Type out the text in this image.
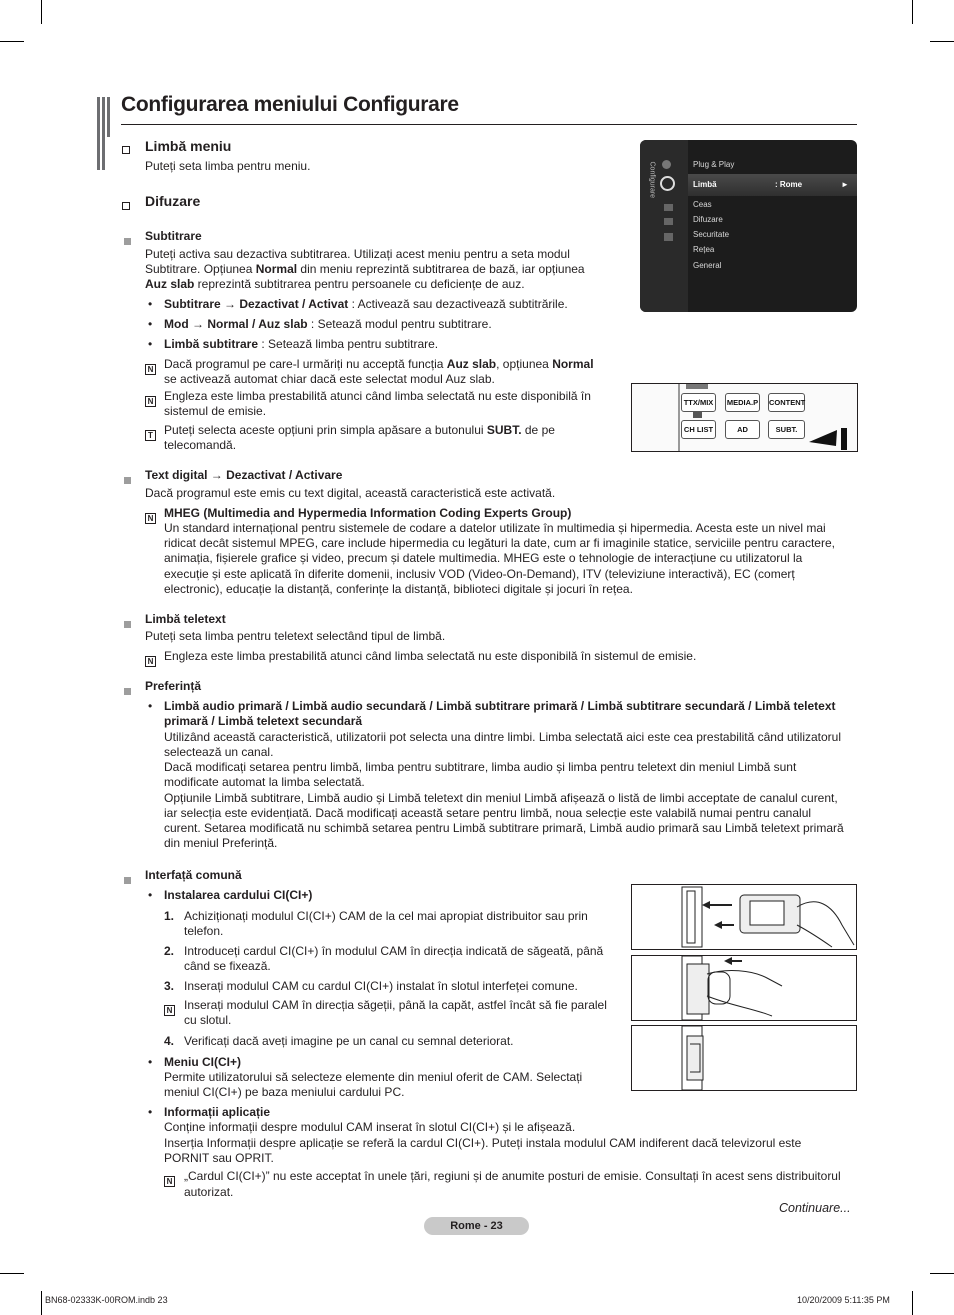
Configurarea meniului Configurare
Limbă meniu
Puteți seta limba pentru meniu.
Difuzare
Configurare	Plug & Play
Limbă	: Rome	►
Ceas
Difuzare
Securitate
Rețea
General
Subtitrare
Puteți activa sau dezactiva subtitrarea. Utilizați acest meniu pentru a seta modul
Subtitrare. Opțiunea Normal din meniu reprezintă subtitrarea de bază, iar opțiunea
Auz slab reprezintă subtitrarea pentru persoanele cu deficiențe de auz.
• Subtitrare → Dezactivat / Activat : Activează sau dezactivează subtitrările.
• Mod → Normal / Auz slab : Setează modul pentru subtitrare.
• Limbă subtitrare : Setează limba pentru subtitrare.
N Dacă programul pe care-l urmăriți nu acceptă funcția Auz slab, opțiunea Normal
se activează automat chiar dacă este selectat modul Auz slab.
N Engleza este limba prestabilită atunci când limba selectată nu este disponibilă în
sistemul de emisie.
T Puteți selecta aceste opțiuni prin simpla apăsare a butonului SUBT. de pe
telecomandă.
TTX/MIX	MEDIA.P CONTENT
CH LIST	AD	SUBT.
Text digital → Dezactivat / Activare
Dacă programul este emis cu text digital, această caracteristică este activată.
N MHEG (Multimedia and Hypermedia Information Coding Experts Group)
Un standard internațional pentru sistemele de codare a datelor utilizate în multimedia și hipermedia. Acesta este un nivel mai
ridicat decât sistemul MPEG, care include hipermedia cu legături la date, cum ar fi imaginile statice, serviciile pentru caractere,
animația, fișierele grafice și video, precum și datele multimedia. MHEG este o tehnologie de interacțiune cu utilizatorul la
execuție și este aplicată în diferite domenii, inclusiv VOD (Video-On-Demand), ITV (televiziune interactivă), EC (comerț
electronic), educație la distanță, conferințe la distanță, biblioteci digitale și jocuri în rețea.
Limbă teletext
Puteți seta limba pentru teletext selectând tipul de limbă.
N Engleza este limba prestabilită atunci când limba selectată nu este disponibilă în sistemul de emisie.
Preferință
• Limbă audio primară / Limbă audio secundară / Limbă subtitrare primară / Limbă subtitrare secundară / Limbă teletext
primară / Limbă teletext secundară
Utilizând această caracteristică, utilizatorii pot selecta una dintre limbi. Limba selectată aici este cea prestabilită când utilizatorul
selectează un canal.
Dacă modificați setarea pentru limbă, limba pentru subtitrare, limba audio și limba pentru teletext din meniul Limbă sunt
modificate automat la limba selectată.
Opțiunile Limbă subtitrare, Limbă audio și Limbă teletext din meniul Limbă afișează o listă de limbi acceptate de canalul curent,
iar selecția este evidențiată. Dacă modificați această setare pentru limbă, noua selecție este valabilă numai pentru canalul
curent. Setarea modificată nu schimbă setarea pentru Limbă subtitrare primară, Limbă audio primară sau Limbă teletext primară
din meniul Preferință.
Interfață comună
• Instalarea cardului CI(CI+)
1. Achiziționați modulul CI(CI+) CAM de la cel mai apropiat distribuitor sau prin
telefon.
2. Introduceți cardul CI(CI+) în modulul CAM în direcția indicată de săgeată, până
când se fixează.
3. Inserați modulul CAM cu cardul CI(CI+) instalat în slotul interfeței comune.
N Inserați modulul CAM în direcția săgeții, până la capăt, astfel încât să fie paralel
cu slotul.
4. Verificați dacă aveți imagine pe un canal cu semnal deteriorat.
• Meniu CI(CI+)
Permite utilizatorului să selecteze elemente din meniul oferit de CAM. Selectați
meniul CI(CI+) pe baza meniului cardului PC.
• Informații aplicație
Conține informații despre modulul CAM inserat în slotul CI(CI+) și le afișează.
Inserția Informații despre aplicație se referă la cardul CI(CI+). Puteți instala modulul CAM indiferent dacă televizorul este
PORNIT sau OPRIT.
N „Cardul CI(CI+)” nu este acceptat în unele țări, regiuni și de anumite posturi de emisie. Consultați în acest sens distribuitorul
autorizat.
Continuare...
Rome - 23
BN68-02333K-00ROM.indb 23	10/20/2009 5:11:35 PM
